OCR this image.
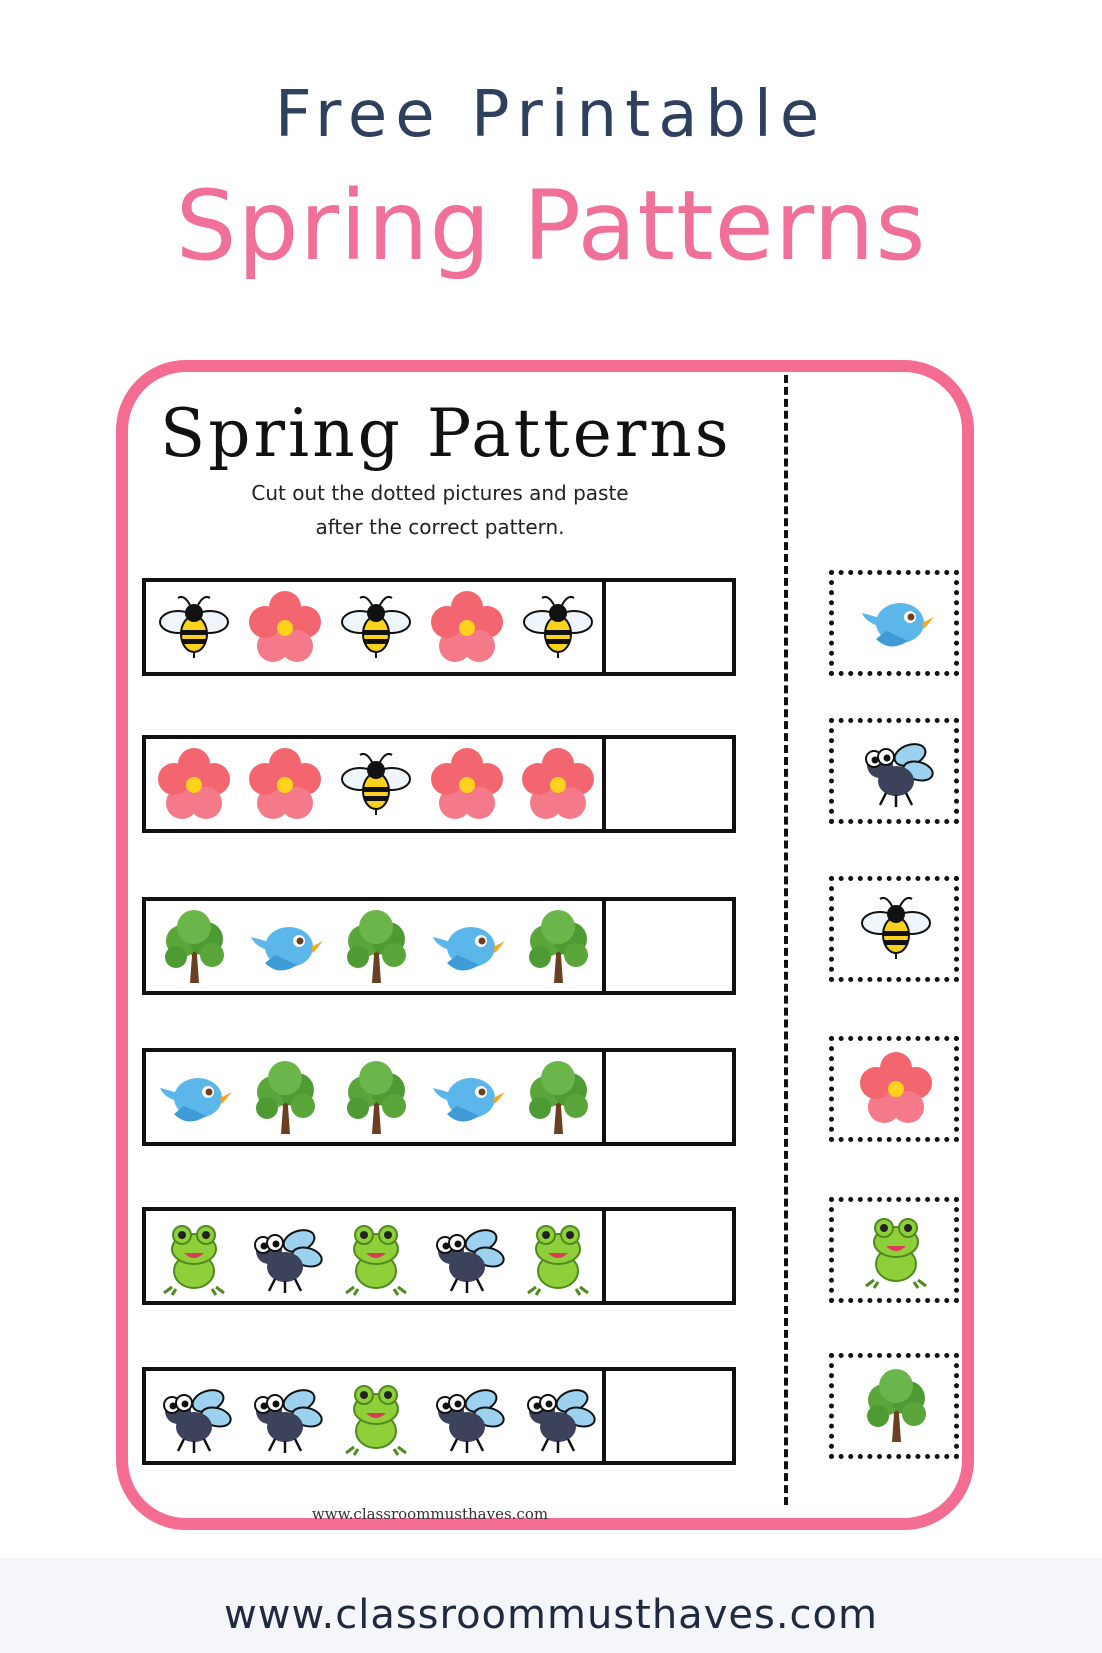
Free Printable
Spring Patterns
Spring Patterns
Cut out the dotted pictures and paste
after the correct pattern.
www.classroommusthaves.com
www.classroommusthaves.com
